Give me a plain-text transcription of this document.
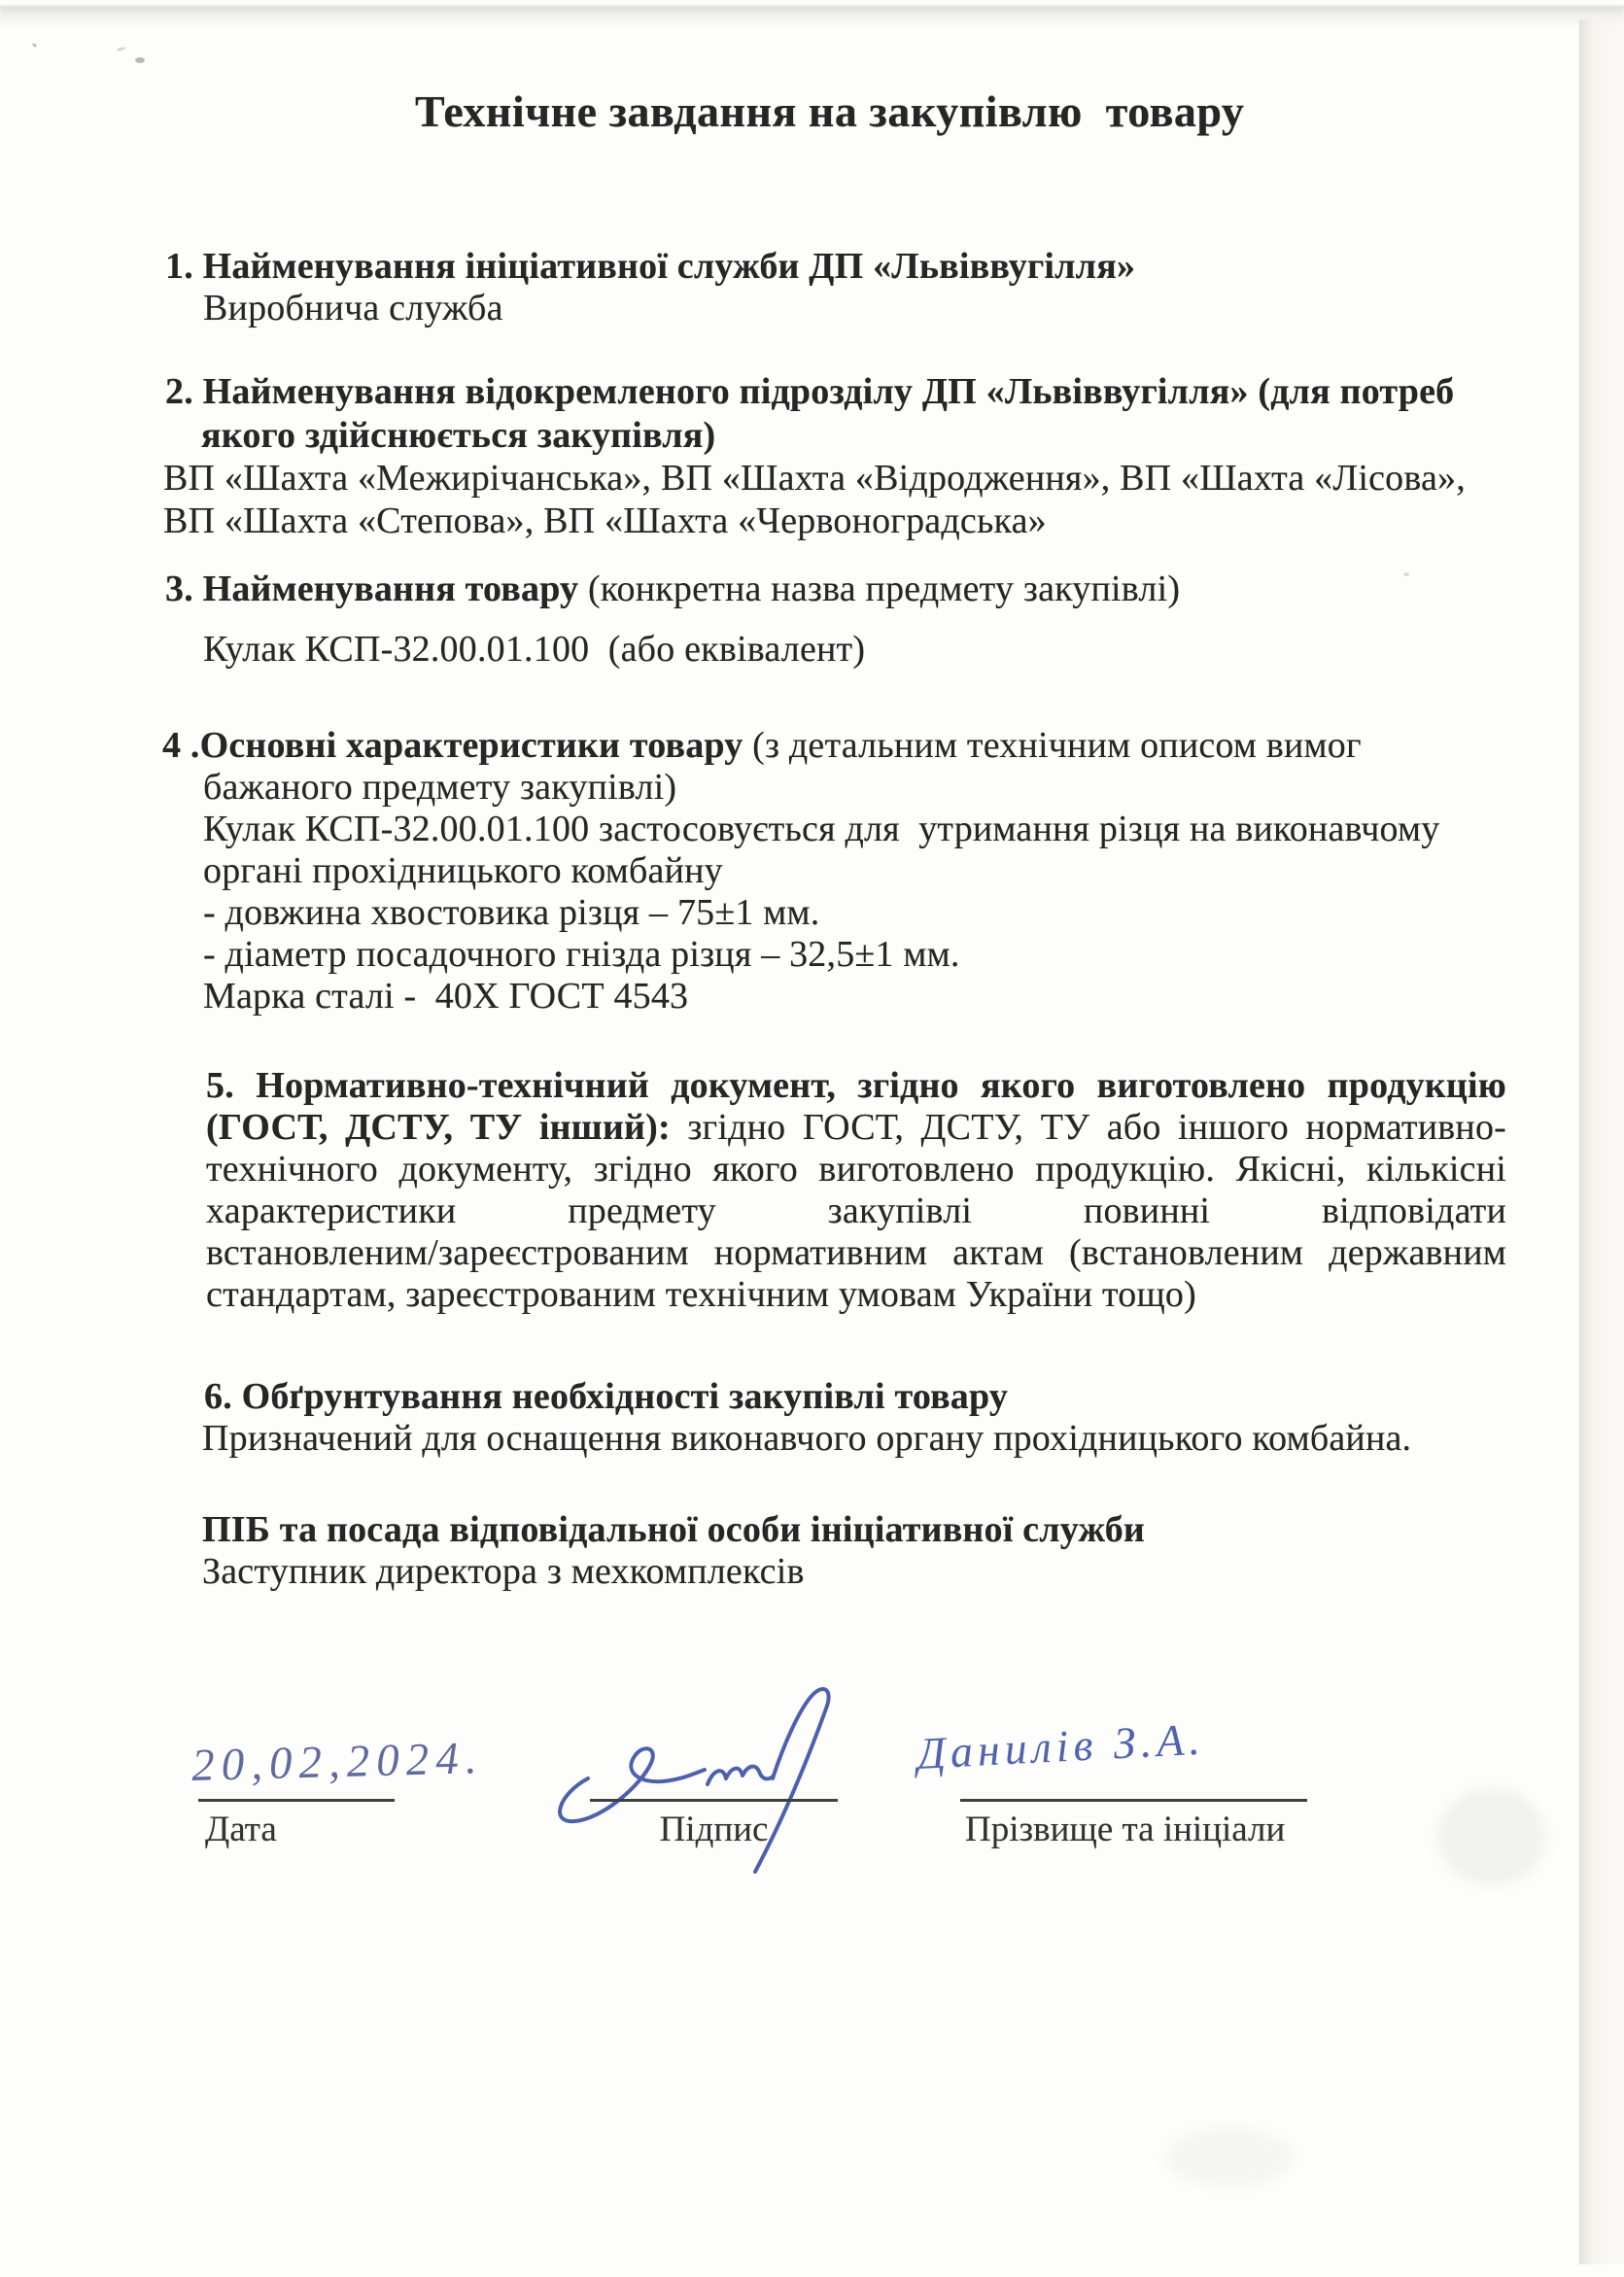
Технічне завдання на закупівлю  товару
1. Найменування ініціативної служби ДП «Львіввугілля»
Виробнича служба
2. Найменування відокремленого підрозділу ДП «Львіввугілля» (для потреб
якого здійснюється закупівля)
ВП «Шахта «Межирічанська», ВП «Шахта «Відродження», ВП «Шахта «Лісова»,
ВП «Шахта «Степова», ВП «Шахта «Червоноградська»
3. Найменування товару (конкретна назва предмету закупівлі)
Кулак КСП-32.00.01.100  (або еквівалент)
4 .Основні характеристики товару (з детальним технічним описом вимог
бажаного предмету закупівлі)
Кулак КСП-32.00.01.100 застосовується для  утримання різця на виконавчому
органі прохідницького комбайну
- довжина хвостовика різця – 75±1 мм.
- діаметр посадочного гнізда різця – 32,5±1 мм.
Марка сталі -  40Х ГОСТ 4543
5. Нормативно-технічний документ, згідно якого виготовлено продукцію
(ГОСТ, ДСТУ, ТУ інший): згідно ГОСТ, ДСТУ, ТУ або іншого нормативно-
технічного документу, згідно якого виготовлено продукцію. Якісні, кількісні
характеристики предмету закупівлі повинні відповідати
встановленим/зареєстрованим нормативним актам (встановленим державним
стандартам, зареєстрованим технічним умовам України тощо)
6. Обґрунтування необхідності закупівлі товару
Призначений для оснащення виконавчого органу прохідницького комбайна.
ПІБ та посада відповідальної особи ініціативної служби
Заступник директора з мехкомплексів
20,02,2024.
Дата	Підпис
Данилів З.А.
Прізвище та ініціали
